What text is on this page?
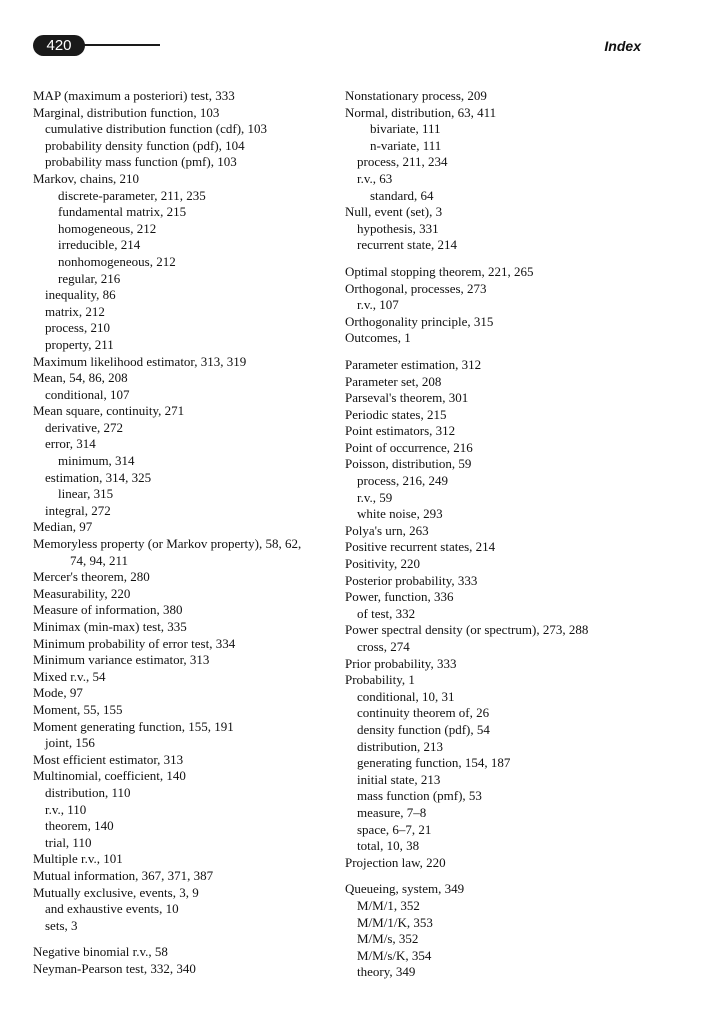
420	Index
MAP (maximum a posteriori) test, 333
Marginal, distribution function, 103
cumulative distribution function (cdf), 103
probability density function (pdf), 104
probability mass function (pmf), 103
Markov, chains, 210
discrete-parameter, 211, 235
fundamental matrix, 215
homogeneous, 212
irreducible, 214
nonhomogeneous, 212
regular, 216
inequality, 86
matrix, 212
process, 210
property, 211
Maximum likelihood estimator, 313, 319
Mean, 54, 86, 208
conditional, 107
Mean square, continuity, 271
derivative, 272
error, 314
minimum, 314
estimation, 314, 325
linear, 315
integral, 272
Median, 97
Memoryless property (or Markov property), 58, 62,
74, 94, 211
Mercer's theorem, 280
Measurability, 220
Measure of information, 380
Minimax (min-max) test, 335
Minimum probability of error test, 334
Minimum variance estimator, 313
Mixed r.v., 54
Mode, 97
Moment, 55, 155
Moment generating function, 155, 191
joint, 156
Most efficient estimator, 313
Multinomial, coefficient, 140
distribution, 110
r.v., 110
theorem, 140
trial, 110
Multiple r.v., 101
Mutual information, 367, 371, 387
Mutually exclusive, events, 3, 9
and exhaustive events, 10
sets, 3
Negative binomial r.v., 58
Neyman-Pearson test, 332, 340
Nonstationary process, 209
Normal, distribution, 63, 411
bivariate, 111
n-variate, 111
process, 211, 234
r.v., 63
standard, 64
Null, event (set), 3
hypothesis, 331
recurrent state, 214
Optimal stopping theorem, 221, 265
Orthogonal, processes, 273
r.v., 107
Orthogonality principle, 315
Outcomes, 1
Parameter estimation, 312
Parameter set, 208
Parseval's theorem, 301
Periodic states, 215
Point estimators, 312
Point of occurrence, 216
Poisson, distribution, 59
process, 216, 249
r.v., 59
white noise, 293
Polya's urn, 263
Positive recurrent states, 214
Positivity, 220
Posterior probability, 333
Power, function, 336
of test, 332
Power spectral density (or spectrum), 273, 288
cross, 274
Prior probability, 333
Probability, 1
conditional, 10, 31
continuity theorem of, 26
density function (pdf), 54
distribution, 213
generating function, 154, 187
initial state, 213
mass function (pmf), 53
measure, 7–8
space, 6–7, 21
total, 10, 38
Projection law, 220
Queueing, system, 349
M/M/1, 352
M/M/1/K, 353
M/M/s, 352
M/M/s/K, 354
theory, 349
